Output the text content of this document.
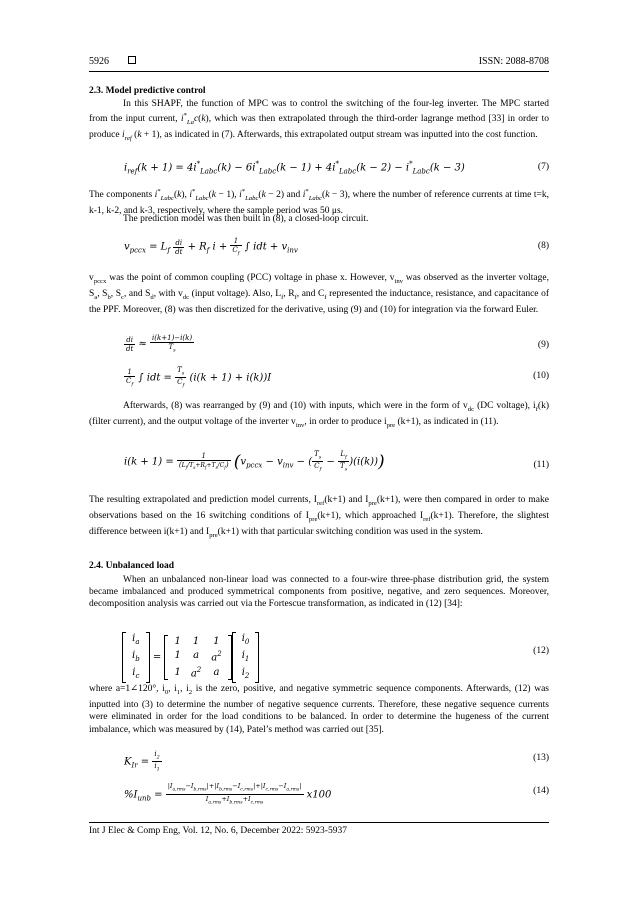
5926	ISSN: 2088-8708
2.3. Model predictive control
In this SHAPF, the function of MPC was to control the switching of the four-leg inverter. The MPC started from the input current, $i^*_{La}c(k)$, which was then extrapolated through the third-order lagrange method [33] in order to produce $i_{ref}$ (k + 1), as indicated in (7). Afterwards, this extrapolated output stream was inputted into the cost function.
$i_{ref}(k + 1) = 4i^*_{Labc}(k) - 6i^*_{Labc}(k - 1) + 4i^*_{Labc}(k - 2) - i^*_{Labc}(k - 3)$	(7)
The components $i^*_{Labc}(k)$, $i^*_{Labc}(k - 1)$, $i^*_{Labc}(k - 2)$ and $i^*_{Labc}(k - 3)$, where the number of reference currents at time t=k, k-1, k-2, and k-3, respectively, where the sample period was 50 μs.
The prediction model was then built in (8), a closed-loop circuit.
$v_{pccx} = L_f \frac{di}{dt} + R_f$ $i + \frac{1}{C_f}$ ∫ idt + $v_{inv}$	(8)
$v_{pccx}$ was the point of common coupling (PCC) voltage in phase x. However, $v_{inv}$ was observed as the inverter voltage, $S_a$, $S_b$, $S_c$, and $S_d$, with $v_{dc}$ (input voltage). Also, $L_f$, $R_f$, and $C_f$ represented the inductance, resistance, and capacitance of the PPF. Moreover, (8) was then discretized for the derivative, using (9) and (10) for integration via the forward Euler.
$\frac{di}{dt} \approx \frac{i(k+1)-i(k)}{T_s}$	(9)
$\frac{1}{C_f}$ ∫ idt = $\frac{T_s}{C_f} (i(k + 1) + i(k))I$	(10)
Afterwards, (8) was rearranged by (9) and (10) with inputs, which were in the form of $v_{dc}$ (DC voltage), $i_f(k)$ (filter current), and the output voltage of the inverter $v_{inv}$, in order to produce $i_{pre}$ (k+1), as indicated in (11).
$i(k + 1) = \frac{1}{(L_f/T_s+R_f+T_s/C_f)} (v_{pccx} - v_{inv}$ − ( $\frac{T_s}{C_f} - \frac{L_f}{T_s} )(i(k))$)	(11)
The resulting extrapolated and prediction model currents, $I_{ref}(k+1)$ and $I_{pre}(k+1)$, were then compared in order to make observations based on the 16 switching conditions of $I_{pre}(k+1)$, which approached $I_{ref}(k+1)$. Therefore, the slightest difference between i(k+1) and $I_{pre}(k+1)$ with that particular switching condition was used in the system.
2.4. Unbalanced load
When an unbalanced non-linear load was connected to a four-wire three-phase distribution grid, the system became imbalanced and produced symmetrical components from positive, negative, and zero sequences. Moreover, decomposition analysis was carried out via the Fortescue transformation, as indicated in (12) [34]:
$i_a$
$i_b$
$i_c$
=
1	1	1
1	a	$a^2$
1	$a^2$	a
$i_0$
$i_1$
$i_2$
(12)
where a=1∠120°, $i_0$, $i_1$, $i_2$ is the zero, positive, and negative symmetric sequence components. Afterwards, (12) was inputted into (3) to determine the number of negative sequence currents. Therefore, these negative sequence currents were eliminated in order for the load conditions to be balanced. In order to determine the hugeness of the current imbalance, which was measured by (14), Patel’s method was carried out [35].
$K_{Ir} = \frac{i_2}{i_1}$	(13)
$\%I_{unb} = \frac{|I_{a,rms}-I_{b,rms}|+|I_{b,rms}-I_{c,rms}|+|I_{c,rms}-I_{a,rms}|}{I_{a,rms}+I_{b,rms}+I_{c,rms}} x100$	(14)
Int J Elec & Comp Eng, Vol. 12, No. 6, December 2022: 5923-5937
